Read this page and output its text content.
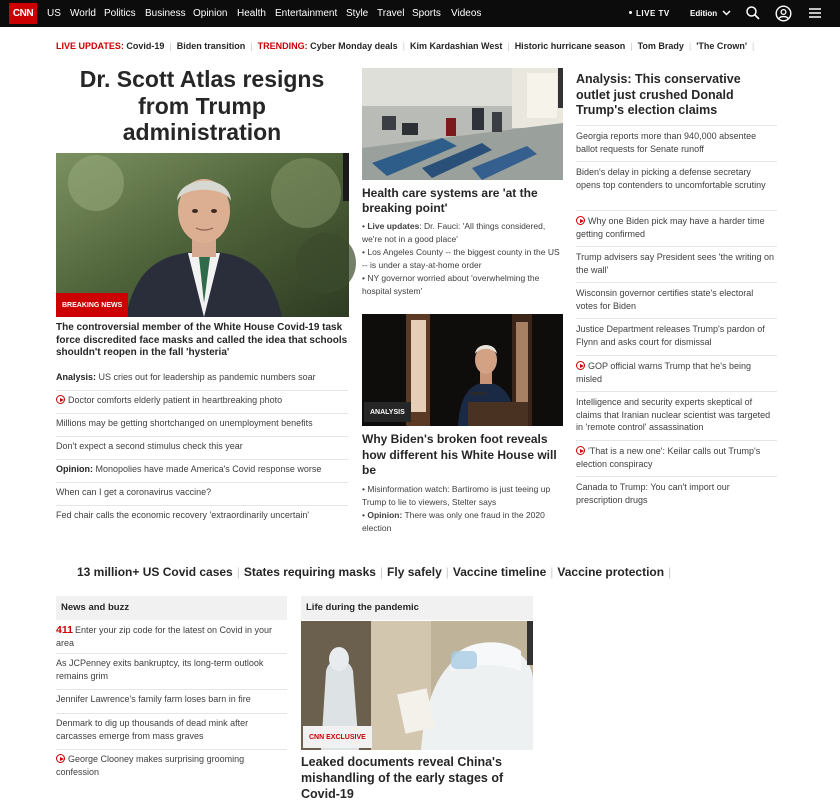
CNN	US World Politics Business Opinion Health Entertainment Style Travel Sports Videos	LIVE TV	Edition
LIVE UPDATES: Covid-19 | Biden transition | TRENDING: Cyber Monday deals | Kim Kardashian West | Historic hurricane season | Tom Brady | 'The Crown' |
Dr. Scott Atlas resigns from Trump administration
BREAKING NEWS

The controversial member of the White House Covid-19 task force discredited face masks and called the idea that schools shouldn't reopen in the fall 'hysteria'

Analysis: US cries out for leadership as pandemic numbers soar
Doctor comforts elderly patient in heartbreaking photo
Millions may be getting shortchanged on unemployment benefits
Don't expect a second stimulus check this year
Opinion: Monopolies have made America's Covid response worse
When can I get a coronavirus vaccine?
Fed chair calls the economic recovery 'extraordinarily uncertain'
Health care systems are 'at the breaking point'
• Live updates: Dr. Fauci: 'All things considered, we're not in a good place'
• Los Angeles County -- the biggest county in the US -- is under a stay-at-home order
• NY governor worried about 'overwhelming the hospital system'
ANALYSIS
Why Biden's broken foot reveals how different his White House will be
• Misinformation watch: Bartiromo is just teeing up Trump to lie to viewers, Stelter says
• Opinion: There was only one fraud in the 2020 election
Analysis: This conservative outlet just crushed Donald Trump's election claims
Georgia reports more than 940,000 absentee ballot requests for Senate runoff
Biden's delay in picking a defense secretary opens top contenders to uncomfortable scrutiny
Why one Biden pick may have a harder time getting confirmed
Trump advisers say President sees 'the writing on the wall'
Wisconsin governor certifies state's electoral votes for Biden
Justice Department releases Trump's pardon of Flynn and asks court for dismissal
GOP official warns Trump that he's being misled
Intelligence and security experts skeptical of claims that Iranian nuclear scientist was targeted in 'remote control' assassination
'That is a new one': Keilar calls out Trump's election conspiracy
Canada to Trump: You can't import our prescription drugs
13 million+ US Covid cases | States requiring masks | Fly safely | Vaccine timeline | Vaccine protection |
News and buzz
411 Enter your zip code for the latest on Covid in your area
As JCPenney exits bankruptcy, its long-term outlook remains grim
Jennifer Lawrence's family farm loses barn in fire
Denmark to dig up thousands of dead mink after carcasses emerge from mass graves
George Clooney makes surprising grooming confession
Life during the pandemic
CNN EXCLUSIVE
Leaked documents reveal China's mishandling of the early stages of Covid-19
